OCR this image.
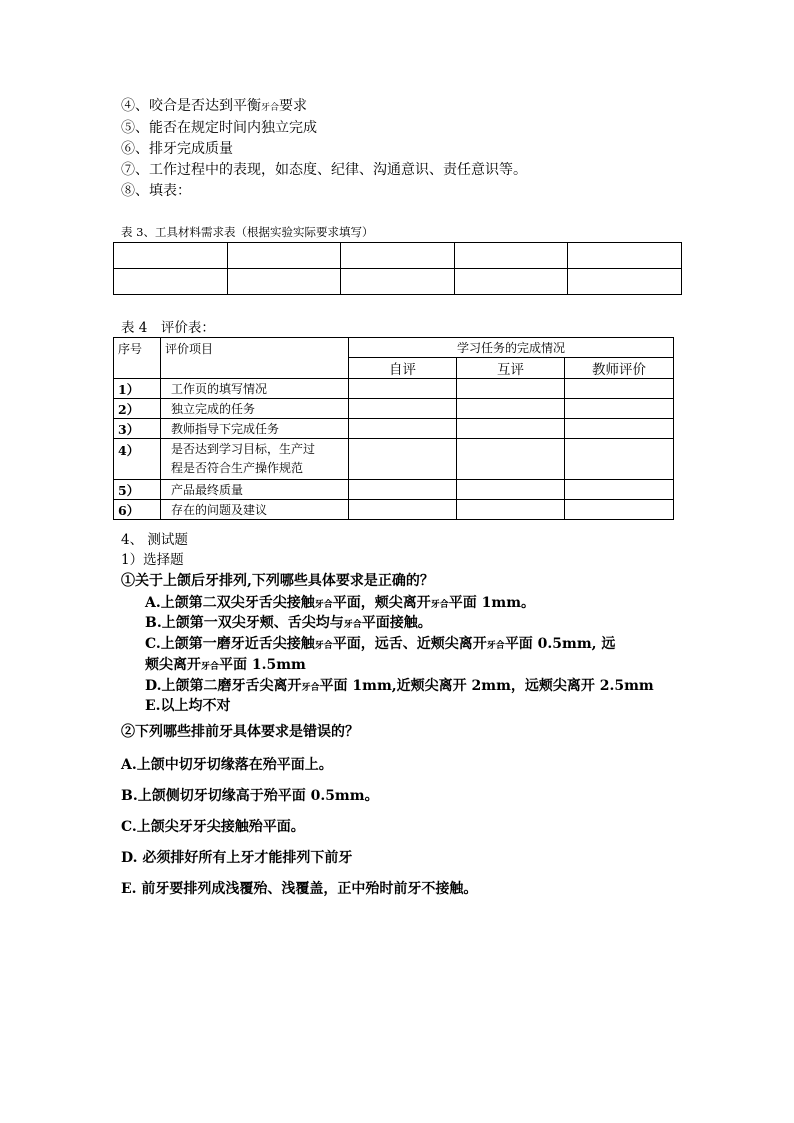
④、咬合是否达到平衡牙合要求
⑤、能否在规定时间内独立完成
⑥、排牙完成质量
⑦、工作过程中的表现，如态度、纪律、沟通意识、责任意识等。
⑧、填表：
表 3、工具材料需求表（根据实验实际要求填写）

表 4　评价表：
序号	评价项目	学习任务的完成情况		
		自评	互评	教师评价
1）	工作页的填写情况			
2）	独立完成的任务			
3）	教师指导下完成任务			
4）	是否达到学习目标，生产过
程是否符合生产操作规范			

5）	产品最终质量			
6）	存在的问题及建议			
4、 测试题
1）选择题
①关于上颌后牙排列,下列哪些具体要求是正确的？
A.上颌第二双尖牙舌尖接触牙合平面，颊尖离开牙合平面 1mm。
B.上颌第一双尖牙颊、舌尖均与牙合平面接触。
C.上颌第一磨牙近舌尖接触牙合平面，远舌、近颊尖离开牙合平面 0.5mm, 远
颊尖离开牙合平面 1.5mm
D.上颌第二磨牙舌尖离开牙合平面 1mm,近颊尖离开 2mm，远颊尖离开 2.5mm
E.以上均不对
②下列哪些排前牙具体要求是错误的？
A.上颌中切牙切缘落在殆平面上。
B.上颌侧切牙切缘高于殆平面 0.5mm。
C.上颌尖牙牙尖接触殆平面。
D. 必须排好所有上牙才能排列下前牙
E. 前牙要排列成浅覆殆、浅覆盖，正中殆时前牙不接触。
